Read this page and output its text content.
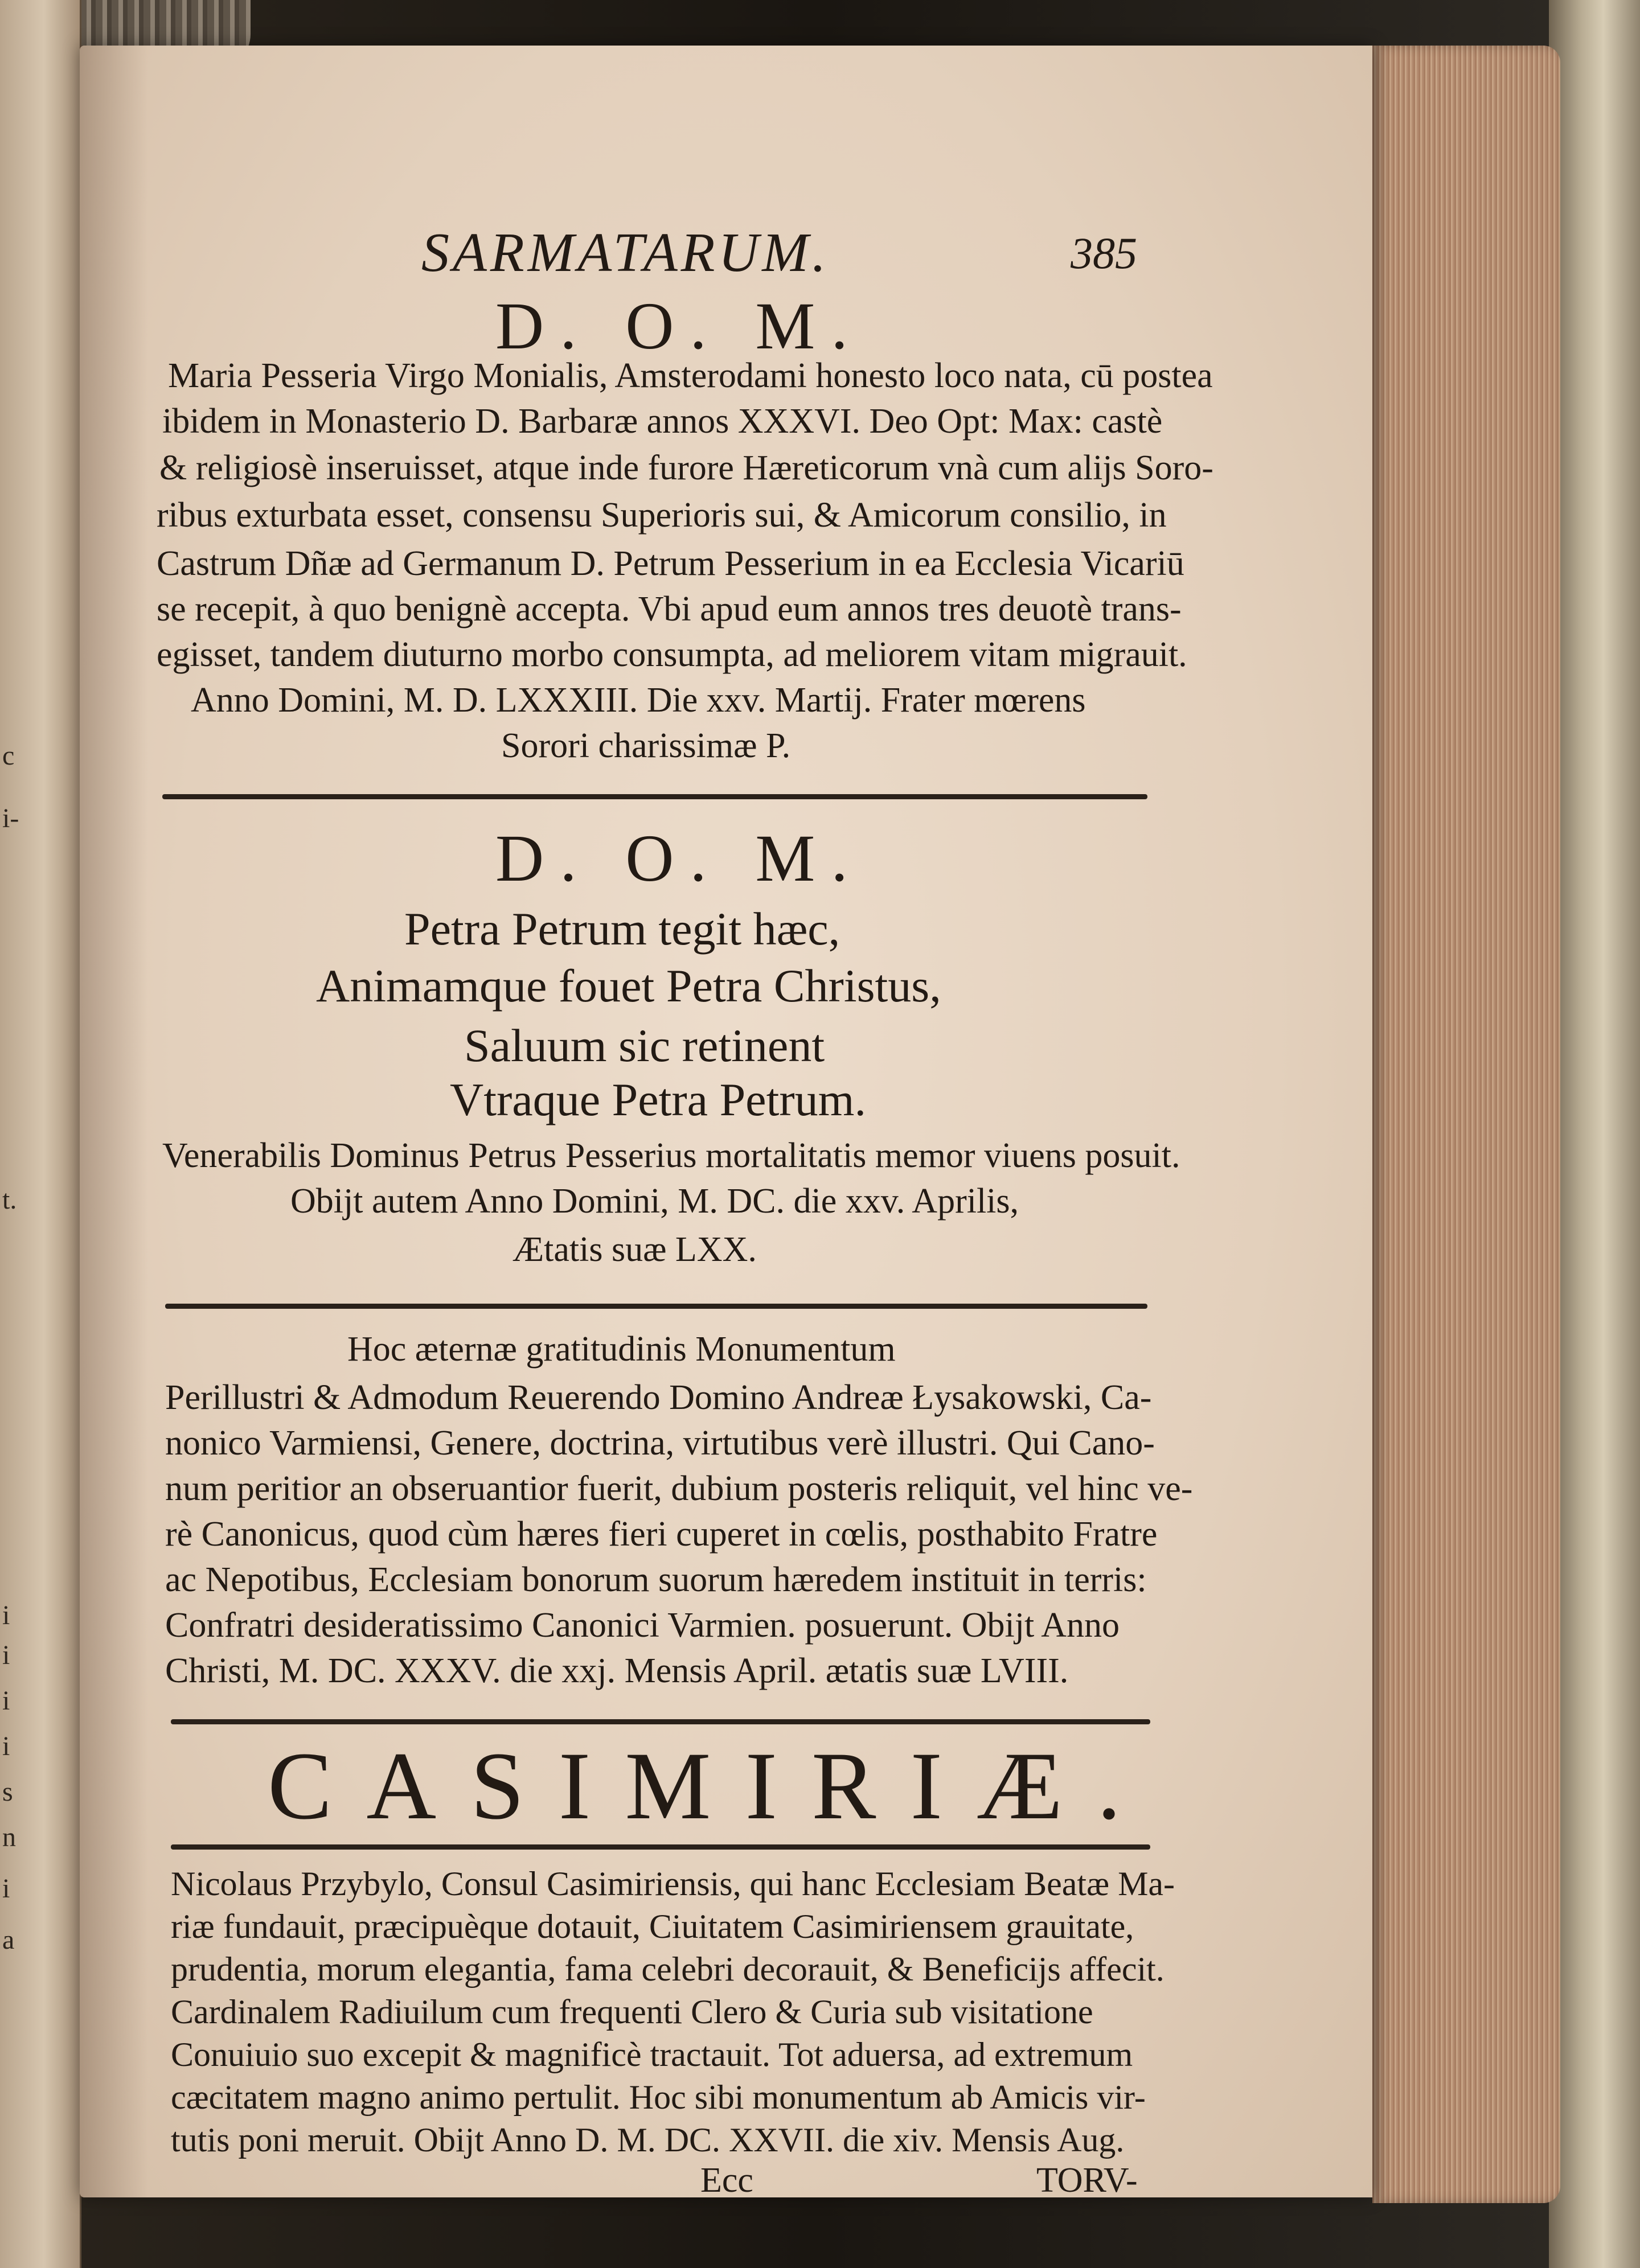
c
i-
t.
i
i
i
i
s
n
i
a
SARMATARUM.	385
D. O. M.
Maria Pesseria Virgo Monialis, Amsterodami honesto loco nata, cū postea
ibidem in Monasterio D. Barbaræ annos XXXVI. Deo Opt: Max: castè
& religiosè inseruisset, atque inde furore Hæreticorum vnà cum alijs Soro-
ribus exturbata esset, consensu Superioris sui, & Amicorum consilio, in
Castrum Dñæ ad Germanum D. Petrum Pesserium in ea Ecclesia Vicariū
se recepit, à quo benignè accepta. Vbi apud eum annos tres deuotè trans-
egisset, tandem diuturno morbo consumpta, ad meliorem vitam migrauit.
Anno Domini, M. D. LXXXIII. Die xxv. Martij. Frater mœrens
Sorori charissimæ P.
D. O. M.
Petra Petrum tegit hæc,
Animamque fouet Petra Christus,
Saluum sic retinent
Vtraque Petra Petrum.
Venerabilis Dominus Petrus Pesserius mortalitatis memor viuens posuit.
Obijt autem Anno Domini, M. DC. die xxv. Aprilis,
Ætatis suæ LXX.
Hoc æternæ gratitudinis Monumentum
Perillustri & Admodum Reuerendo Domino Andreæ Łysakowski, Ca-
nonico Varmiensi, Genere, doctrina, virtutibus verè illustri. Qui Cano-
num peritior an obseruantior fuerit, dubium posteris reliquit, vel hinc ve-
rè Canonicus, quod cùm hæres fieri cuperet in cœlis, posthabito Fratre
ac Nepotibus, Ecclesiam bonorum suorum hæredem instituit in terris:
Confratri desideratissimo Canonici Varmien. posuerunt. Obijt Anno
Christi, M. DC. XXXV. die xxj. Mensis April. ætatis suæ LVIII.
CASIMIRIÆ.
Nicolaus Przybylo, Consul Casimiriensis, qui hanc Ecclesiam Beatæ Ma-
riæ fundauit, præcipuèque dotauit, Ciuitatem Casimiriensem grauitate,
prudentia, morum elegantia, fama celebri decorauit, & Beneficijs affecit.
Cardinalem Radiuilum cum frequenti Clero & Curia sub visitatione
Conuiuio suo excepit & magnificè tractauit. Tot aduersa, ad extremum
cæcitatem magno animo pertulit. Hoc sibi monumentum ab Amicis vir-
tutis poni meruit. Obijt Anno D. M. DC. XXVII. die xiv. Mensis Aug.
Ecc	TORV-
